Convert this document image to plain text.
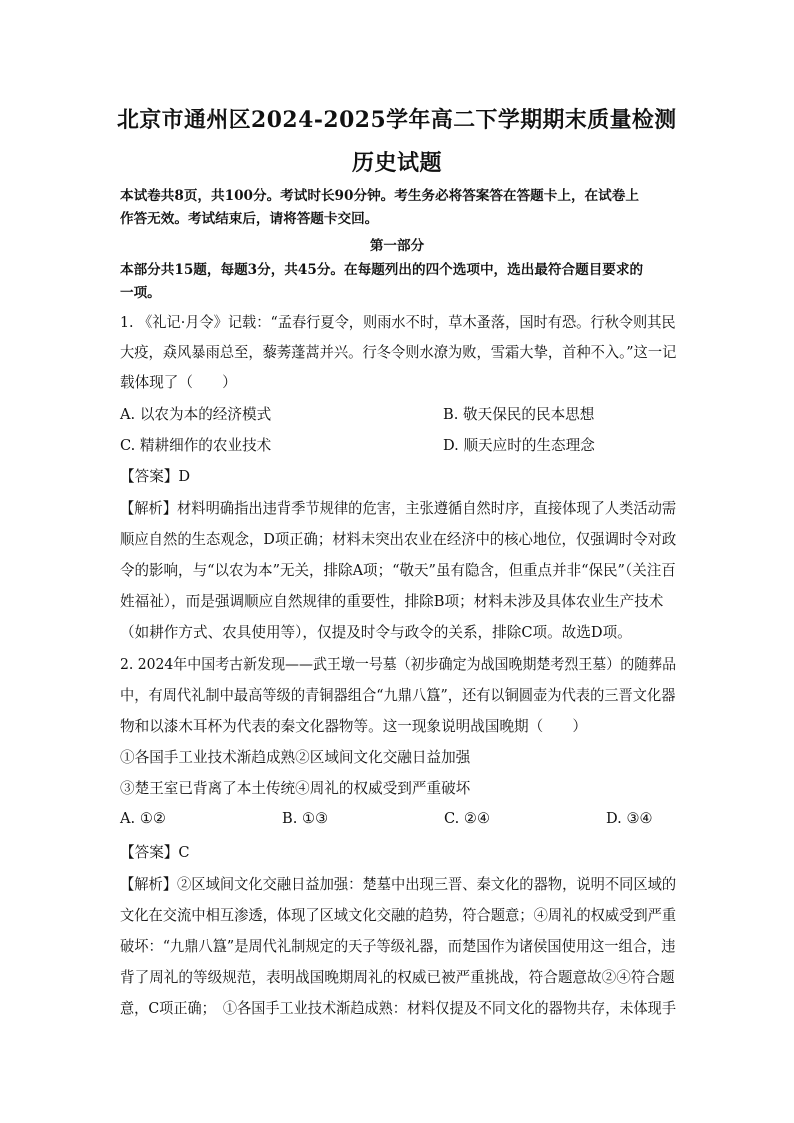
北京市通州区2024-2025学年高二下学期期末质量检测
历史试题
本试卷共8页，共100分。考试时长90分钟。考生务必将答案答在答题卡上，在试卷上
作答无效。考试结束后，请将答题卡交回。
第一部分
本部分共15题，每题3分，共45分。在每题列出的四个选项中，选出最符合题目要求的
一项。
1. 《礼记·月令》记载：“孟春行夏令，则雨水不时，草木蚤落，国时有恐。行秋令则其民
大疫，猋风暴雨总至，藜莠蓬蒿并兴。行冬令则水潦为败，雪霜大挚，首种不入。”这一记
载体现了（　　）
A. 以农为本的经济模式	B. 敬天保民的民本思想
C. 精耕细作的农业技术	D. 顺天应时的生态理念
【答案】D
【解析】材料明确指出违背季节规律的危害，主张遵循自然时序，直接体现了人类活动需
顺应自然的生态观念，D项正确；材料未突出农业在经济中的核心地位，仅强调时令对政
令的影响，与“以农为本”无关，排除A项；“敬天”虽有隐含，但重点并非“保民”（关注百
姓福祉），而是强调顺应自然规律的重要性，排除B项；材料未涉及具体农业生产技术
（如耕作方式、农具使用等），仅提及时令与政令的关系，排除C项。故选D项。
2. 2024年中国考古新发现——武王墩一号墓（初步确定为战国晚期楚考烈王墓）的随葬品
中，有周代礼制中最高等级的青铜器组合“九鼎八簋”，还有以铜圆壶为代表的三晋文化器
物和以漆木耳杯为代表的秦文化器物等。这一现象说明战国晚期（　　）
①各国手工业技术渐趋成熟②区域间文化交融日益加强
③楚王室已背离了本土传统④周礼的权威受到严重破坏
A. ①②	B. ①③	C. ②④	D. ③④
【答案】C
【解析】②区域间文化交融日益加强：楚墓中出现三晋、秦文化的器物，说明不同区域的
文化在交流中相互渗透，体现了区域文化交融的趋势，符合题意；④周礼的权威受到严重
破坏：“九鼎八簋”是周代礼制规定的天子等级礼器，而楚国作为诸侯国使用这一组合，违
背了周礼的等级规范，表明战国晚期周礼的权威已被严重挑战，符合题意故②④符合题
意，C项正确；　①各国手工业技术渐趋成熟：材料仅提及不同文化的器物共存，未体现手
